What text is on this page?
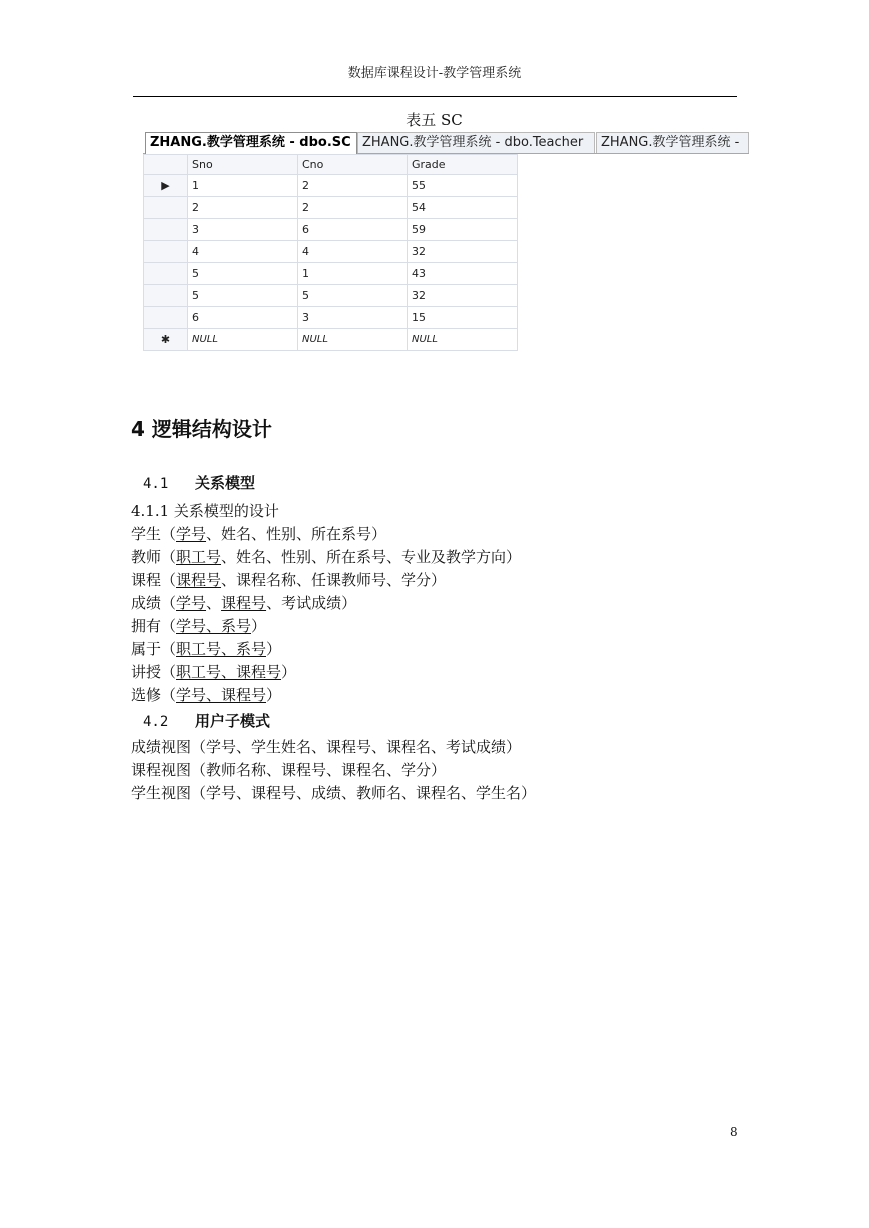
数据库课程设计-教学管理系统
表五 SC
ZHANG.教学管理系统 - dbo.SC ZHANG.教学管理系统 - dbo.Teacher	ZHANG.教学管理系统 -
	Sno	Cno	Grade
▶	1	2	55
	2	2	54
	3	6	59
	4	4	32
	5	1	43
	5	5	32
	6	3	15
✱	NULL	NULL	NULL
4 逻辑结构设计
4.1 关系模型
4.1.1 关系模型的设计
学生（学号、姓名、性别、所在系号）
教师（职工号、姓名、性别、所在系号、专业及教学方向）
课程（课程号、课程名称、任课教师号、学分）
成绩（学号、课程号、考试成绩）
拥有（学号、系号）
属于（职工号、系号）
讲授（职工号、课程号）
选修（学号、课程号）
4.2 用户子模式
成绩视图（学号、学生姓名、课程号、课程名、考试成绩）
课程视图（教师名称、课程号、课程名、学分）
学生视图（学号、课程号、成绩、教师名、课程名、学生名）
8
